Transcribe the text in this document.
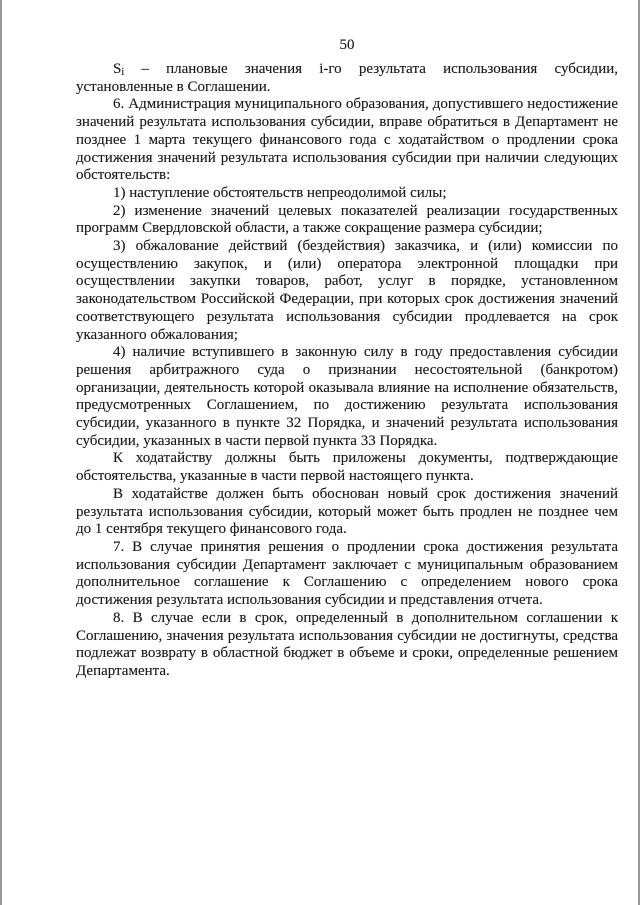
50

$S_i$ – плановые значения i-го результата использования субсидии, установленные в Соглашении.

6. Администрация муниципального образования, допустившего недостижение значений результата использования субсидии, вправе обратиться в Департамент не позднее 1 марта текущего финансового года с ходатайством о продлении срока достижения значений результата использования субсидии при наличии следующих обстоятельств:

1) наступление обстоятельств непреодолимой силы;

2) изменение значений целевых показателей реализации государственных программ Свердловской области, а также сокращение размера субсидии;

3) обжалование действий (бездействия) заказчика, и (или) комиссии по осуществлению закупок, и (или) оператора электронной площадки при осуществлении закупки товаров, работ, услуг в порядке, установленном законодательством Российской Федерации, при которых срок достижения значений соответствующего результата использования субсидии продлевается на срок указанного обжалования;

4) наличие вступившего в законную силу в году предоставления субсидии решения арбитражного суда о признании несостоятельной (банкротом) организации, деятельность которой оказывала влияние на исполнение обязательств, предусмотренных Соглашением, по достижению результата использования субсидии, указанного в пункте 32 Порядка, и значений результата использования субсидии, указанных в части первой пункта 33 Порядка.

К ходатайству должны быть приложены документы, подтверждающие обстоятельства, указанные в части первой настоящего пункта.

В ходатайстве должен быть обоснован новый срок достижения значений результата использования субсидии, который может быть продлен не позднее чем до 1 сентября текущего финансового года.

7. В случае принятия решения о продлении срока достижения результата использования субсидии Департамент заключает с муниципальным образованием дополнительное соглашение к Соглашению с определением нового срока достижения результата использования субсидии и представления отчета.

8. В случае если в срок, определенный в дополнительном соглашении к Соглашению, значения результата использования субсидии не достигнуты, средства подлежат возврату в областной бюджет в объеме и сроки, определенные решением Департамента.
